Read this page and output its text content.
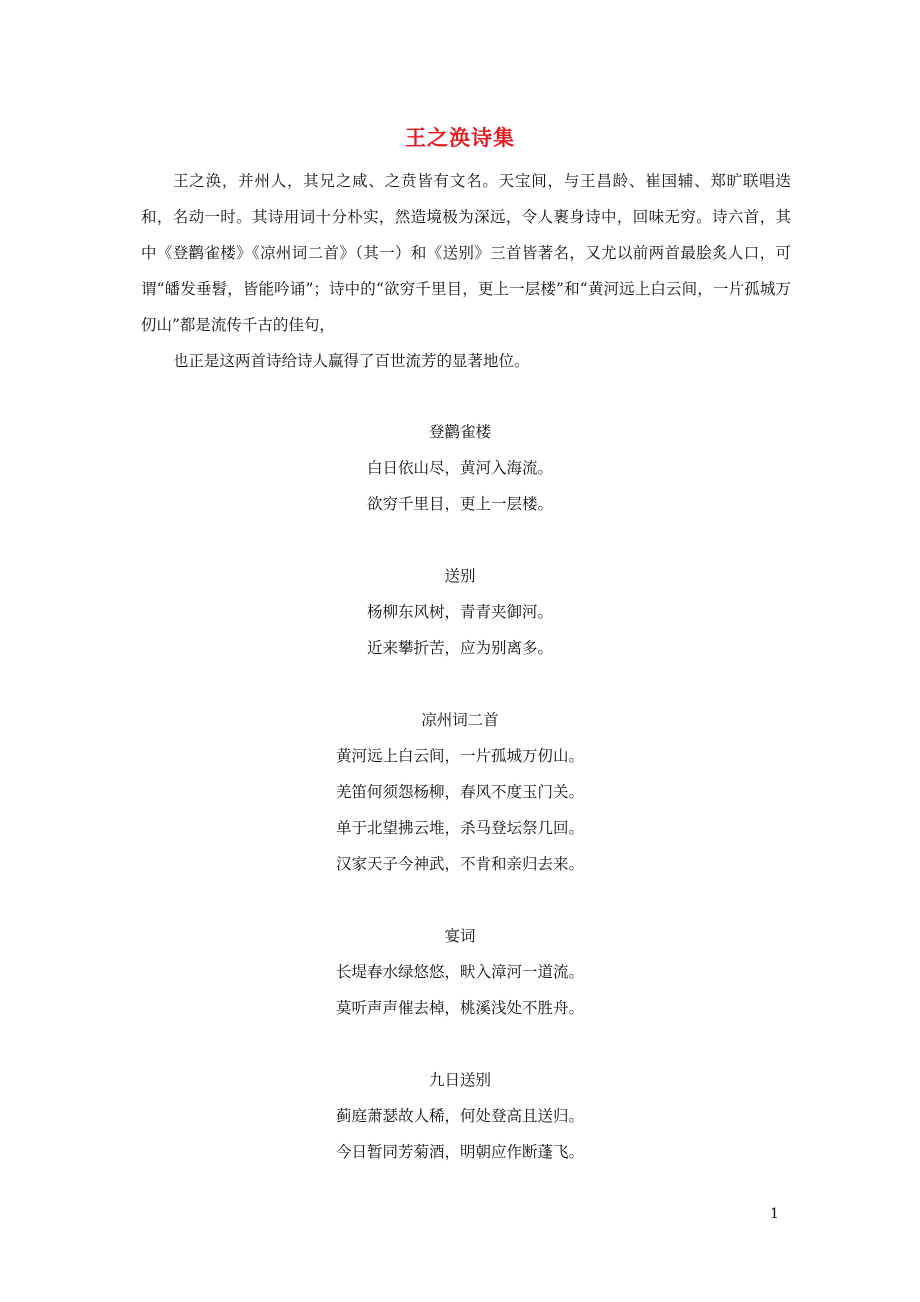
王之涣诗集

王之涣，并州人，其兄之咸、之贲皆有文名。天宝间，与王昌龄、崔国辅、郑旷联唱迭和，名动一时。其诗用词十分朴实，然造境极为深远，令人裹身诗中，回味无穷。诗六首，其中《登鹳雀楼》《凉州词二首》（其一）和《送别》三首皆著名，又尤以前两首最脍炙人口，可谓“皤发垂髫，皆能吟诵”；诗中的“欲穷千里目，更上一层楼”和“黄河远上白云间，一片孤城万仞山”都是流传千古的佳句，

也正是这两首诗给诗人赢得了百世流芳的显著地位。

登鹳雀楼
白日依山尽，黄河入海流。
欲穷千里目，更上一层楼。
送别
杨柳东风树，青青夹御河。
近来攀折苦，应为别离多。
凉州词二首
黄河远上白云间，一片孤城万仞山。
羌笛何须怨杨柳，春风不度玉门关。
单于北望拂云堆，杀马登坛祭几回。
汉家天子今神武，不肯和亲归去来。
宴词
长堤春水绿悠悠，畎入漳河一道流。
莫听声声催去棹，桃溪浅处不胜舟。
九日送别
蓟庭萧瑟故人稀，何处登高且送归。
今日暂同芳菊酒，明朝应作断蓬飞。
1
